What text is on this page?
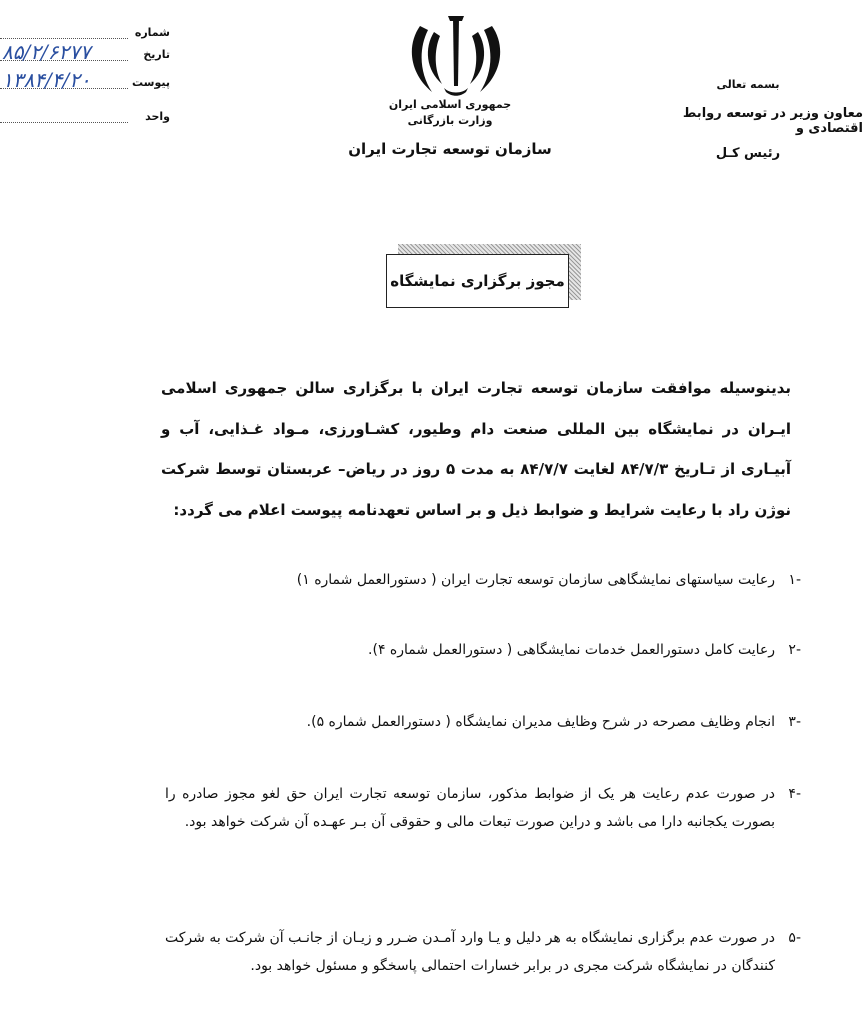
شماره
تاریخ
۸۵/۲/۶۲۷۷
پیوست
۱۳۸۴/۴/۲۰
واحد
جمهوری اسلامی ایران
وزارت بازرگانی
سازمان توسعه تجارت ایران
بسمه تعالی
معاون وزیر در توسعه روابط اقتصادی و
رئیس کـل
مجوز برگزاری نمایشگاه
بدینوسیله موافقت سازمان توسعه تجارت ایران با برگزاری سالن جمهوری اسلامی ایـران در نمایشگاه بین المللی صنعت دام وطیور، کشـاورزی، مـواد غـذایی، آب و آبیـاری از تـاریخ ۸۴/۷/۳ لغایت ۸۴/۷/۷ به مدت ۵ روز در ریاض– عربستان توسط شرکت نوژن راد با رعایت شرایط و ضوابط ذیل و بر اساس تعهدنامه پیوست اعلام می گردد:
-۱
رعایت سیاستهای نمایشگاهی سازمان توسعه تجارت ایران ( دستورالعمل شماره ۱)
-۲
رعایت کامل دستورالعمل خدمات نمایشگاهی ( دستورالعمل شماره ۴).
-۳
انجام وظایف مصرحه در شرح وظایف مدیران نمایشگاه ( دستورالعمل شماره ۵).
-۴
در صورت عدم رعایت هر یک از ضوابط مذکور، سازمان توسعه تجارت ایران حق لغو مجوز صادره را بصورت یکجانبه دارا می باشد و دراین صورت تبعات مالی و حقوقی آن بـر عهـده آن شرکت خواهد بود.
-۵
در صورت عدم برگزاری نمایشگاه به هر دلیل و یـا وارد آمـدن ضـرر و زیـان از جانـب آن شرکت به شرکت کنندگان در نمایشگاه شرکت مجری در برابر خسارات احتمالی پاسخگو و مسئول خواهد بود.
